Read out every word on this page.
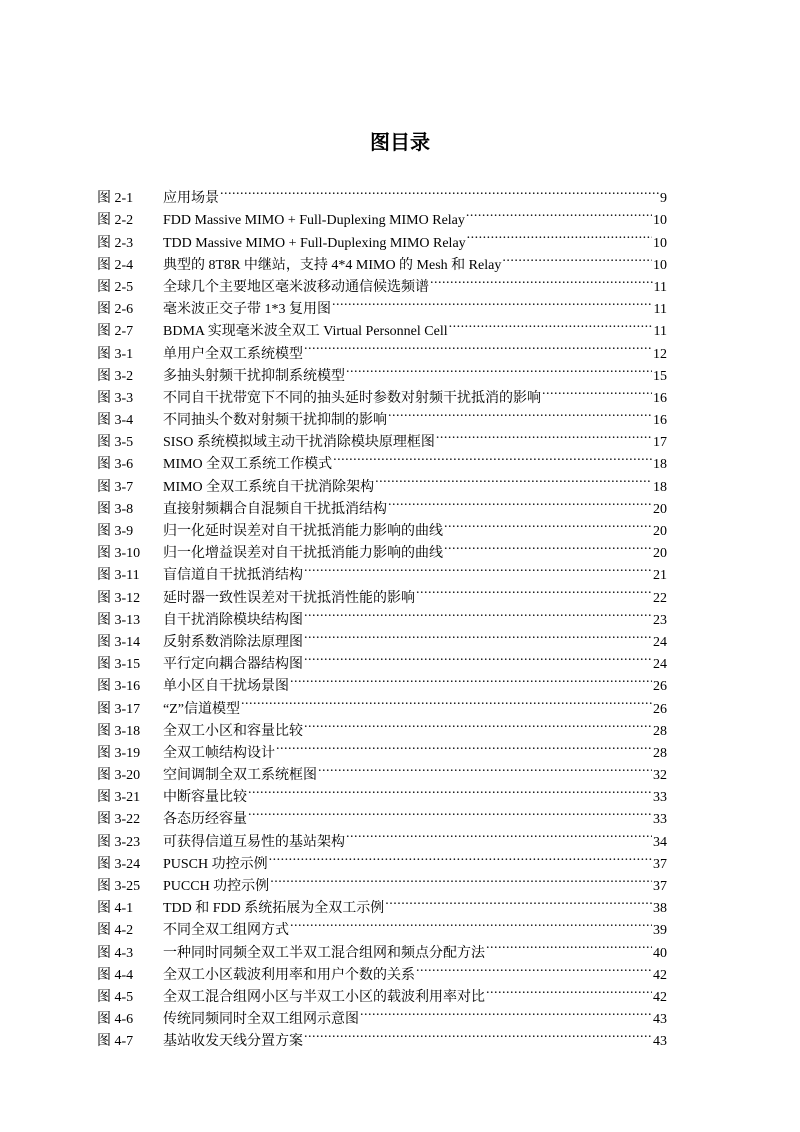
图目录
图 2-1	应用场景 .....	9
图 2-2	FDD Massive MIMO + Full-Duplexing MIMO Relay .....	10
图 2-3	TDD Massive MIMO + Full-Duplexing MIMO Relay .....	10
图 2-4	典型的 8T8R 中继站，支持 4*4 MIMO 的 Mesh 和 Relay .....	10
图 2-5	全球几个主要地区毫米波移动通信候选频谱 .....	11
图 2-6	毫米波正交子带 1*3 复用图 .....	11
图 2-7	BDMA 实现毫米波全双工 Virtual Personnel Cell .....	11
图 3-1	单用户全双工系统模型 .....	12
图 3-2	多抽头射频干扰抑制系统模型 .....	15
图 3-3	不同自干扰带宽下不同的抽头延时参数对射频干扰抵消的影响 .....	16
图 3-4	不同抽头个数对射频干扰抑制的影响 .....	16
图 3-5	SISO 系统模拟域主动干扰消除模块原理框图 .....	17
图 3-6	MIMO 全双工系统工作模式 .....	18
图 3-7	MIMO 全双工系统自干扰消除架构 .....	18
图 3-8	直接射频耦合自混频自干扰抵消结构 .....	20
图 3-9	归一化延时误差对自干扰抵消能力影响的曲线 .....	20
图 3-10	归一化增益误差对自干扰抵消能力影响的曲线 .....	20
图 3-11	盲信道自干扰抵消结构 .....	21
图 3-12	延时器一致性误差对干扰抵消性能的影响 .....	22
图 3-13	自干扰消除模块结构图 .....	23
图 3-14	反射系数消除法原理图 .....	24
图 3-15	平行定向耦合器结构图 .....	24
图 3-16	单小区自干扰场景图 .....	26
图 3-17	“Z”信道模型 .....	26
图 3-18	全双工小区和容量比较 .....	28
图 3-19	全双工帧结构设计 .....	28
图 3-20	空间调制全双工系统框图 .....	32
图 3-21	中断容量比较 .....	33
图 3-22	各态历经容量 .....	33
图 3-23	可获得信道互易性的基站架构 .....	34
图 3-24	PUSCH 功控示例 .....	37
图 3-25	PUCCH 功控示例 .....	37
图 4-1	TDD 和 FDD 系统拓展为全双工示例 .....	38
图 4-2	不同全双工组网方式 .....	39
图 4-3	一种同时同频全双工半双工混合组网和频点分配方法 .....	40
图 4-4	全双工小区载波利用率和用户个数的关系 .....	42
图 4-5	全双工混合组网小区与半双工小区的载波利用率对比 .....	42
图 4-6	传统同频同时全双工组网示意图 .....	43
图 4-7	基站收发天线分置方案 .....	43
